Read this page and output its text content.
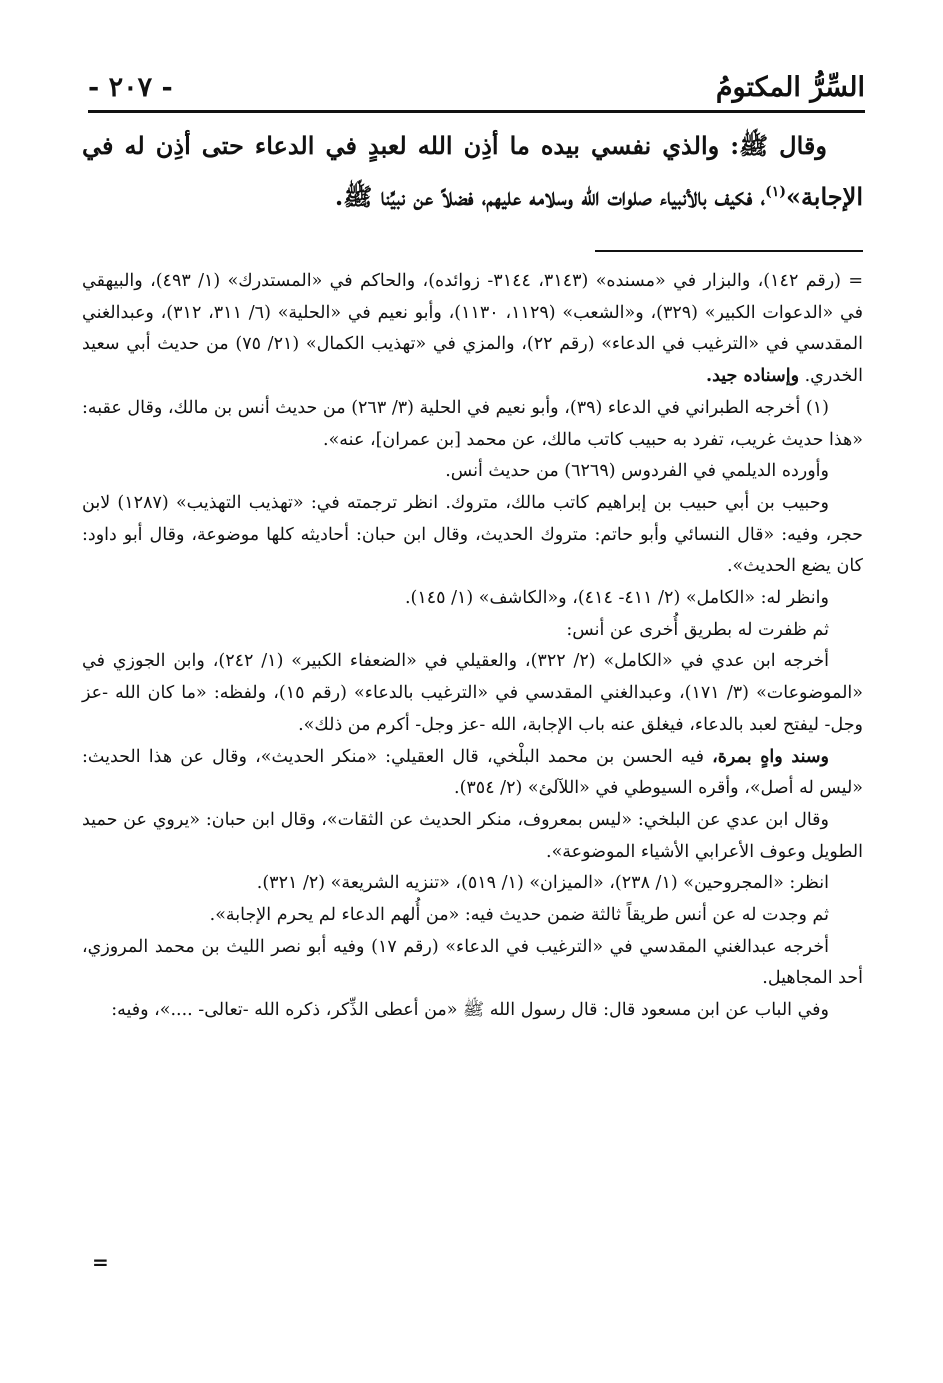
السِّرُّ المكتومُ
- ٢٠٧ -

وقال ﷺ: والذي نفسي بيده ما أذِن الله لعبدٍ في الدعاء حتى أذِن له في الإجابة»$^{(١)}$، فكيف بالأنبياء صلوات الله وسلامه عليهم، فضلاً عن نبيِّنا ﷺ.

= (رقم ١٤٢)، والبزار في «مسنده» (٣١٤٣، ٣١٤٤- زوائده)، والحاكم في «المستدرك» (١/ ٤٩٣)، والبيهقي في «الدعوات الكبير» (٣٢٩)، و«الشعب» (١١٢٩، ١١٣٠)، وأبو نعيم في «الحلية» (٦/ ٣١١، ٣١٢)، وعبدالغني المقدسي في «الترغيب في الدعاء» (رقم ٢٢)، والمزي في «تهذيب الكمال» (٢١/ ٧٥) من حديث أبي سعيد الخدري. وإسناده جيد.

(١) أخرجه الطبراني في الدعاء (٣٩)، وأبو نعيم في الحلية (٣/ ٢٦٣) من حديث أنس بن مالك، وقال عقبه: «هذا حديث غريب، تفرد به حبيب كاتب مالك، عن محمد [بن عمران]، عنه».

وأورده الديلمي في الفردوس (٦٢٦٩) من حديث أنس.

وحبيب بن أبي حبيب بن إبراهيم كاتب مالك، متروك. انظر ترجمته في: «تهذيب التهذيب» (١٢٨٧) لابن حجر، وفيه: «قال النسائي وأبو حاتم: متروك الحديث، وقال ابن حبان: أحاديثه كلها موضوعة، وقال أبو داود: كان يضع الحديث».

وانظر له: «الكامل» (٢/ ٤١١- ٤١٤)، و«الكاشف» (١/ ١٤٥).

ثم ظفرت له بطريق أُخرى عن أنس:

أخرجه ابن عدي في «الكامل» (٢/ ٣٢٢)، والعقيلي في «الضعفاء الكبير» (١/ ٢٤٢)، وابن الجوزي في «الموضوعات» (٣/ ١٧١)، وعبدالغني المقدسي في «الترغيب بالدعاء» (رقم ١٥)، ولفظه: «ما كان الله -عز وجل- ليفتح لعبد بالدعاء، فيغلق عنه باب الإجابة، الله -عز وجل- أكرم من ذلك».

وسند واهٍ بمرة، فيه الحسن بن محمد البلْخي، قال العقيلي: «منكر الحديث»، وقال عن هذا الحديث: «ليس له أصل»، وأقره السيوطي في «اللآلئ» (٢/ ٣٥٤).

وقال ابن عدي عن البلخي: «ليس بمعروف، منكر الحديث عن الثقات»، وقال ابن حبان: «يروي عن حميد الطويل وعوف الأعرابي الأشياء الموضوعة».

انظر: «المجروحين» (١/ ٢٣٨)، «الميزان» (١/ ٥١٩)، «تنزيه الشريعة» (٢/ ٣٢١).

ثم وجدت له عن أنس طريقاً ثالثة ضمن حديث فيه: «من أُلهم الدعاء لم يحرم الإجابة».

أخرجه عبدالغني المقدسي في «الترغيب في الدعاء» (رقم ١٧) وفيه أبو نصر الليث بن محمد المروزي، أحد المجاهيل.

وفي الباب عن ابن مسعود قال: قال رسول الله ﷺ «من أعطى الذِّكر، ذكره الله -تعالى- ....»، وفيه:

=
